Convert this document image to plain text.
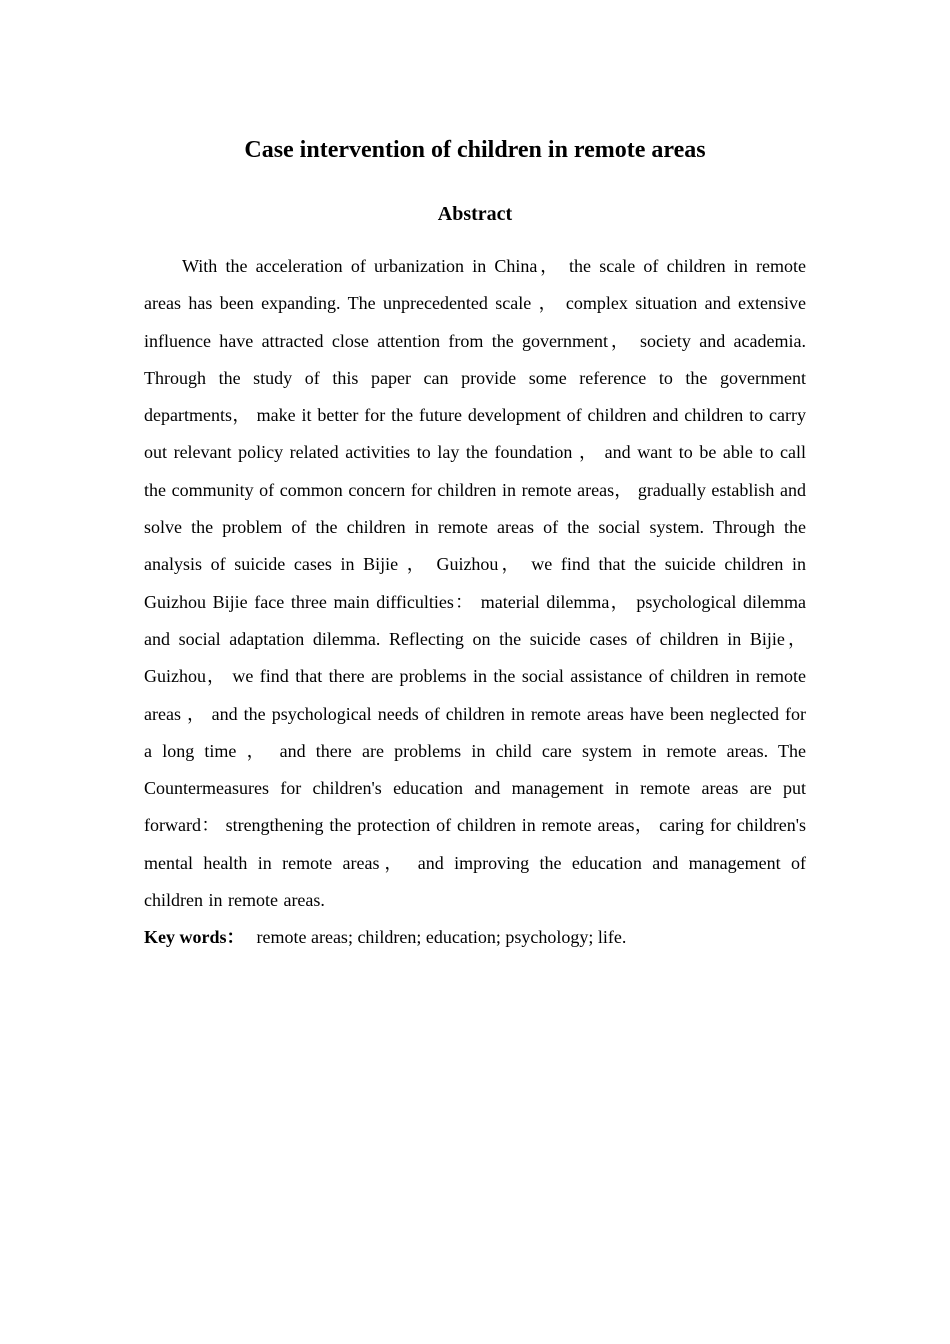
Case intervention of children in remote areas
Abstract

With the acceleration of urbanization in China， the scale of children in remote areas has been expanding. The unprecedented scale ， complex situation and extensive influence have attracted close attention from the government， society and academia. Through the study of this paper can provide some reference to the government departments， make it better for the future development of children and children to carry out relevant policy related activities to lay the foundation ， and want to be able to call the community of common concern for children in remote areas， gradually establish and solve the problem of the children in remote areas of the social system. Through the analysis of suicide cases in Bijie ， Guizhou， we find that the suicide children in Guizhou Bijie face three main difficulties： material dilemma， psychological dilemma and social adaptation dilemma. Reflecting on the suicide cases of children in Bijie， Guizhou， we find that there are problems in the social assistance of children in remote areas ， and the psychological needs of children in remote areas have been neglected for a long time ， and there are problems in child care system in remote areas. The Countermeasures for children's education and management in remote areas are put forward： strengthening the protection of children in remote areas， caring for children's mental health in remote areas， and improving the education and management of children in remote areas.

Key words： remote areas; children; education; psychology; life.
